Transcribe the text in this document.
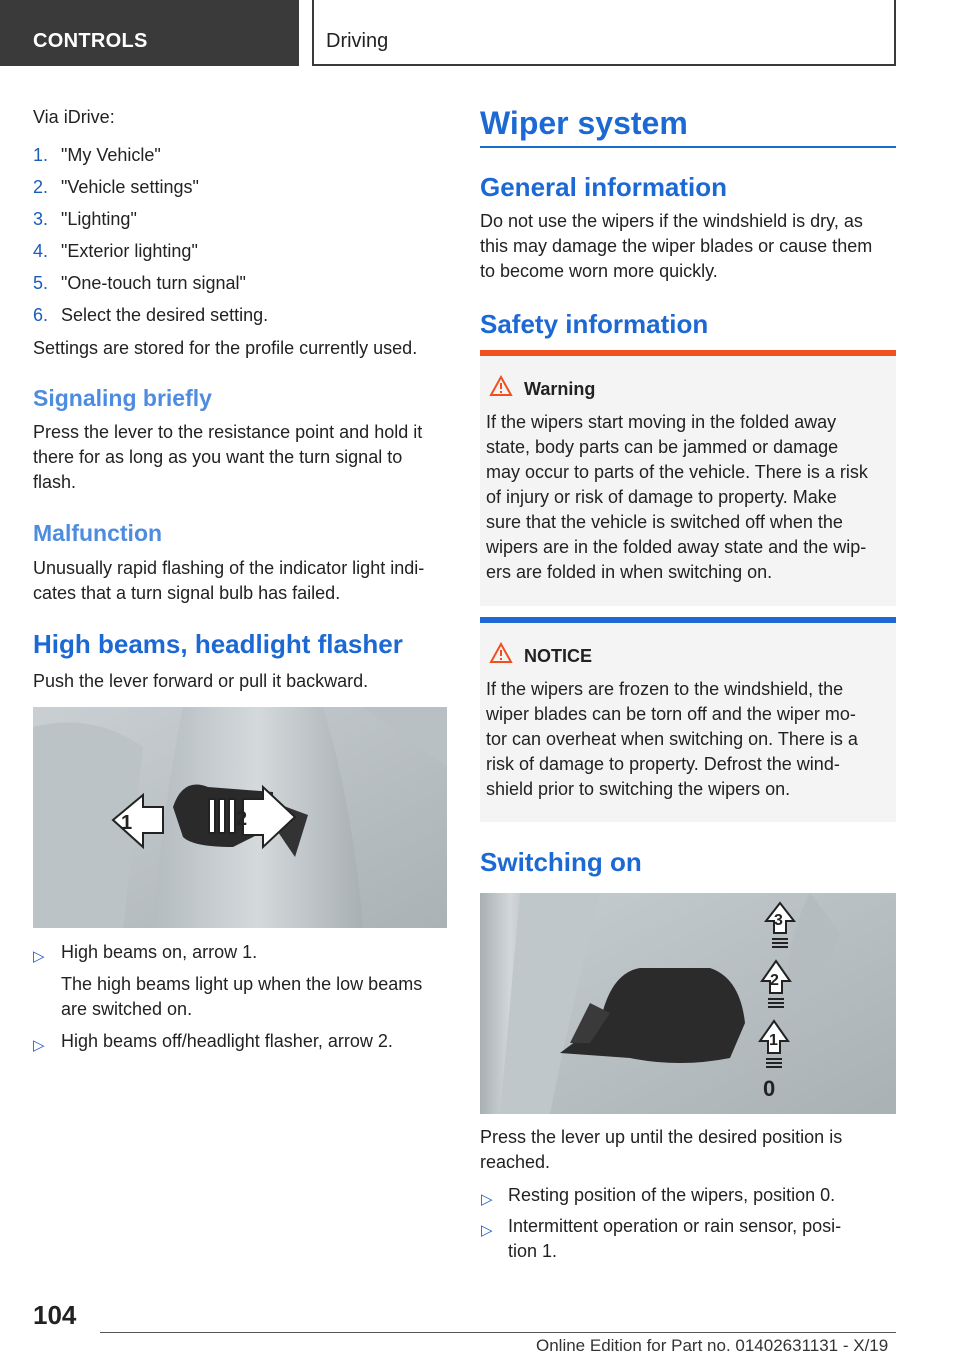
CONTROLS	Driving
Via iDrive:
1. "My Vehicle"
2. "Vehicle settings"
3. "Lighting"
4. "Exterior lighting"
5. "One-touch turn signal"
6. Select the desired setting.
Settings are stored for the profile currently used.
Signaling briefly
Press the lever to the resistance point and hold it
there for as long as you want the turn signal to
flash.
Malfunction
Unusually rapid flashing of the indicator light indi-
cates that a turn signal bulb has failed.
High beams, headlight flasher
Push the lever forward or pull it backward.
1	2
▷ High beams on, arrow 1.
The high beams light up when the low beams
are switched on.
▷ High beams off/headlight flasher, arrow 2.
Wiper system
General information
Do not use the wipers if the windshield is dry, as
this may damage the wiper blades or cause them
to become worn more quickly.
Safety information
Warning
If the wipers start moving in the folded away
state, body parts can be jammed or damage
may occur to parts of the vehicle. There is a risk
of injury or risk of damage to property. Make
sure that the vehicle is switched off when the
wipers are in the folded away state and the wip-
ers are folded in when switching on.
NOTICE
If the wipers are frozen to the windshield, the
wiper blades can be torn off and the wiper mo-
tor can overheat when switching on. There is a
risk of damage to property. Defrost the wind-
shield prior to switching the wipers on.
Switching on
3
2
1
0
Press the lever up until the desired position is
reached.
▷ Resting position of the wipers, position 0.
▷ Intermittent operation or rain sensor, posi-
tion 1.
104
Online Edition for Part no. 01402631131 - X/19
